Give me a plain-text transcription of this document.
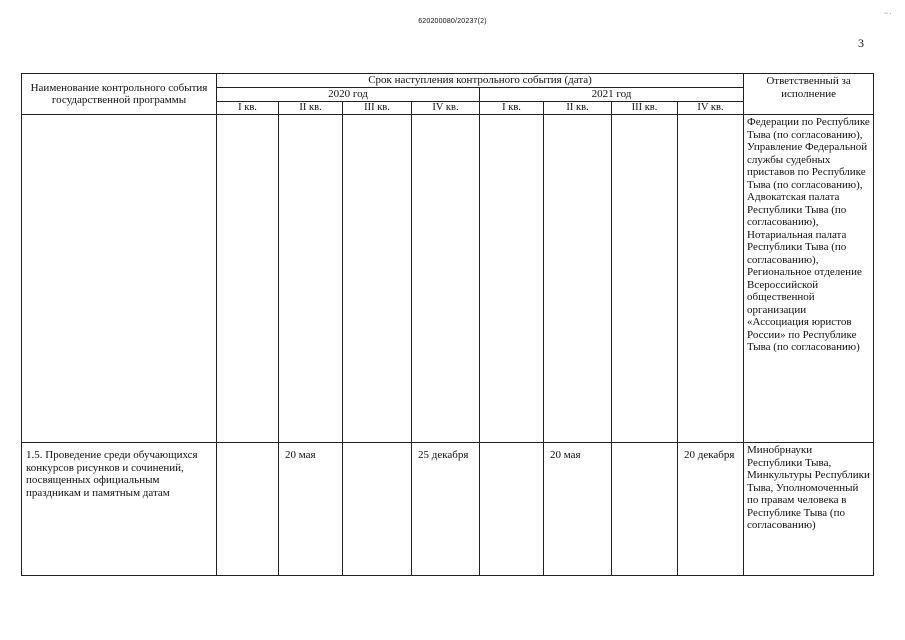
620200080/20237(2)
~ ·
3
Наименование контрольного события государственной программы	Срок наступления контрольного события (дата)								Ответственный за исполнение
	2020 год				2021 год				
	I кв.	II кв.	III кв.	IV кв.	I кв.	II кв.	III кв.	IV кв.	
									Федерации по Республике Тыва (по согласованию), Управление Федеральной службы судебных приставов по Республике Тыва (по согласованию), Адвокатская палата Республики Тыва (по согласованию), Нотариальная палата Республики Тыва (по согласованию), Региональное отделение Всероссийской общественной организации «Ассоциация юристов России» по Республике Тыва (по согласованию)
1.5. Проведение среди обучающихся конкурсов рисунков и сочинений, посвященных официальным праздникам и памятным датам		20 мая		25 декабря		20 мая		20 декабря	Минобрнауки Республики Тыва, Минкультуры Республики Тыва, Уполномоченный по правам человека в Республике Тыва (по согласованию)
